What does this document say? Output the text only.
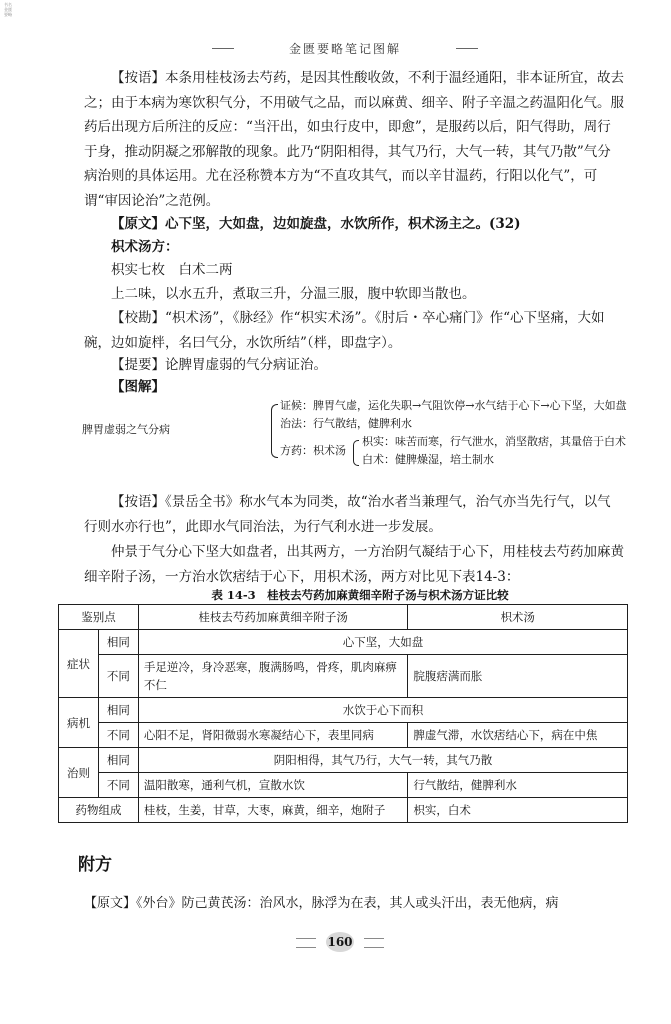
书名 金匮要略
金匮要略笔记图解

【按语】本条用桂枝汤去芍药，是因其性酸收敛，不利于温经通阳，非本证所宜，故去之；由于本病为寒饮积气分，不用破气之品，而以麻黄、细辛、附子辛温之药温阳化气。服药后出现方后所注的反应：“当汗出，如虫行皮中，即愈”，是服药以后，阳气得助，周行于身，推动阴凝之邪解散的现象。此乃“阴阳相得，其气乃行，大气一转，其气乃散”气分病治则的具体运用。尤在泾称赞本方为“不直攻其气，而以辛甘温药，行阳以化气”，可谓“审因论治”之范例。

【原文】心下坚，大如盘，边如旋盘，水饮所作，枳术汤主之。(32)

枳术汤方：
枳实七枚　白术二两
上二味，以水五升，煮取三升，分温三服，腹中软即当散也。

【校勘】“枳术汤”，《脉经》作“枳实术汤”。《肘后・卒心痛门》作“心下坚痛，大如碗，边如旋柈，名曰气分，水饮所结”（柈，即盘字）。

【提要】论脾胃虚弱的气分病证治。
【图解】
脾胃虚弱之气分病
证候：脾胃气虚，运化失职→气阻饮停→水气结于心下→心下坚，大如盘
治法：行气散结，健脾利水
方药：枳术汤
枳实：味苦而寒，行气泄水，消坚散痞，其量倍于白术
白术：健脾燥湿，培土制水

【按语】《景岳全书》称水气本为同类，故“治水者当兼理气，治气亦当先行气，以气行则水亦行也”，此即水气同治法，为行气利水进一步发展。

仲景于气分心下坚大如盘者，出其两方，一方治阴气凝结于心下，用桂枝去芍药加麻黄细辛附子汤，一方治水饮痞结于心下，用枳术汤，两方对比见下表14-3：

表 14-3　桂枝去芍药加麻黄细辛附子汤与枳术汤方证比较
鉴别点		桂枝去芍药加麻黄细辛附子汤	枳术汤
症状	相同	心下坚，大如盘	
	不同	手足逆冷，身冷恶寒，腹满肠鸣，骨疼，肌肉麻痹不仁	脘腹痞满而胀
病机	相同	水饮于心下而积	
	不同	心阳不足，肾阳微弱水寒凝结心下，表里同病	脾虚气滞，水饮痞结心下，病在中焦
治则	相同	阴阳相得，其气乃行，大气一转，其气乃散	
	不同	温阳散寒，通利气机，宣散水饮	行气散结，健脾利水
药物组成		桂枝，生姜，甘草，大枣，麻黄，细辛，炮附子	枳实，白术
附方
【原文】《外台》防己黄芪汤：治风水，脉浮为在表，其人或头汗出，表无他病，病
160
